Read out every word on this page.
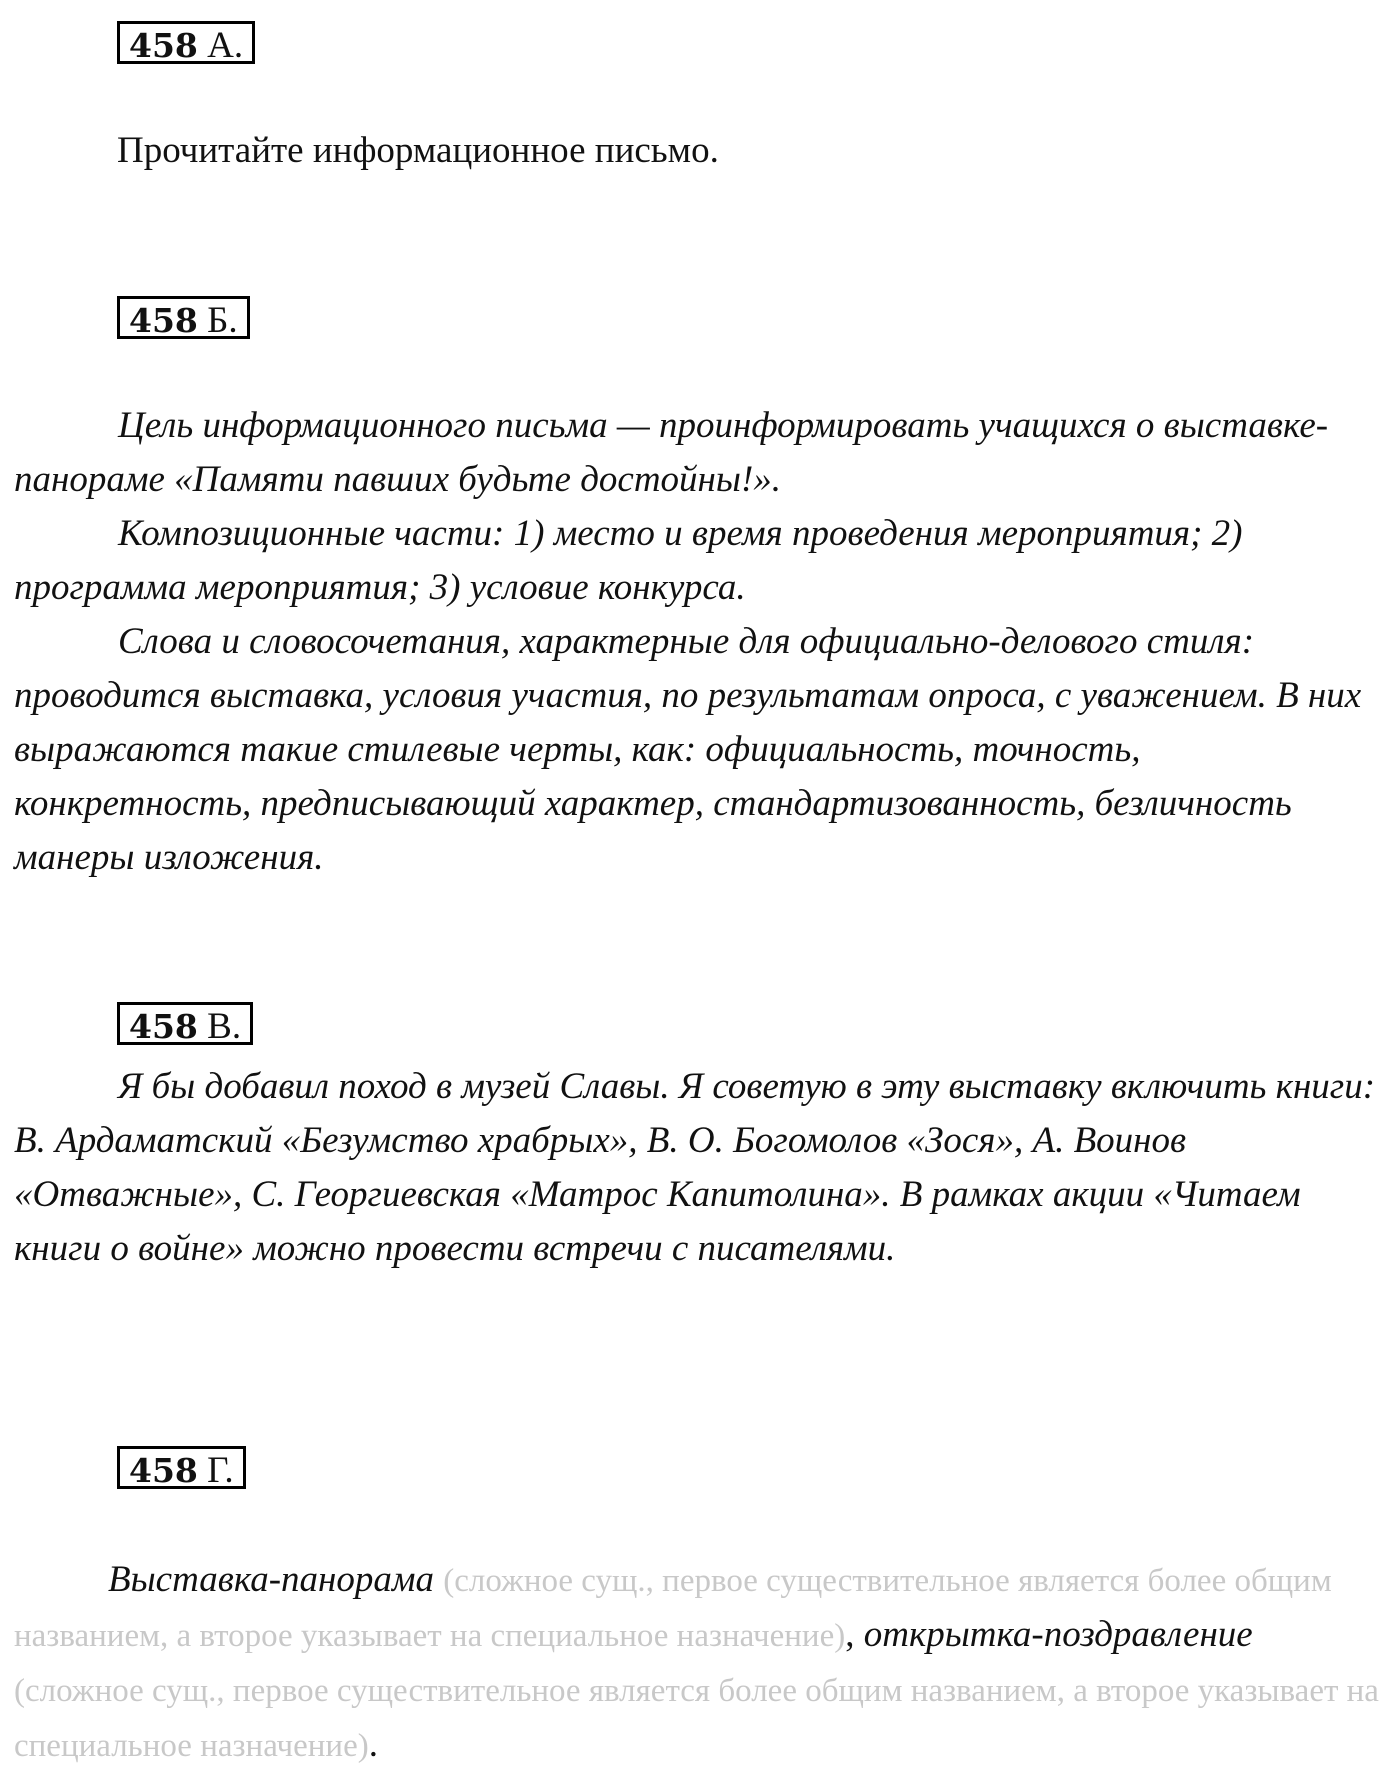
458 А.
Прочитайте информационное письмо.
458 Б.

Цель информационного письма — проинформировать учащихся о выставке-панораме «Памяти павших будьте достойны!».

Композиционные части: 1) место и время проведения мероприятия; 2) программа мероприятия; 3) условие конкурса.

Слова и словосочетания, характерные для официально-делового стиля: проводится выставка, условия участия, по результатам опроса, с уважением. В них выражаются такие стилевые черты, как: официальность, точность, конкретность, предписывающий характер, стандартизованность, безличность манеры изложения.

458 В.

Я бы добавил поход в музей Славы. Я советую в эту выставку включить книги: В. Ардаматский «Безумство храбрых», В. О. Богомолов «Зося», А. Воинов «Отважные», С. Георгиевская «Матрос Капитолина». В рамках акции «Читаем книги о войне» можно провести встречи с писателями.

458 Г.

Выставка-панорама (сложное сущ., первое существительное является более общим названием, а второе указывает на специальное назначение), открытка-поздравление (сложное сущ., первое существительное является более общим названием, а второе указывает на специальное назначение).
